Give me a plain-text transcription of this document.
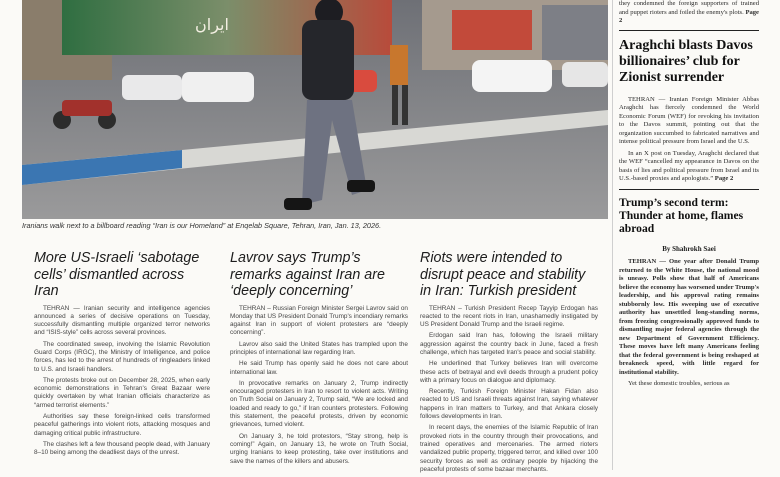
ایران
Iranians walk next to a billboard reading “Iran is our Homeland” at Enqelab Square, Tehran, Iran, Jan. 13, 2026.
More US-Israeli ‘sabotage cells’ dismantled across Iran

TEHRAN — Iranian security and intelligence agencies announced a series of decisive operations on Tuesday, successfully dismantling multiple organized terror networks and “ISIS-style” cells across several provinces.

The coordinated sweep, involving the Islamic Revolution Guard Corps (IRGC), the Ministry of Intelligence, and police forces, has led to the arrest of hundreds of ringleaders linked to U.S. and Israeli handlers.

The protests broke out on December 28, 2025, when early economic demonstrations in Tehran's Great Bazaar were quickly overtaken by what Iranian officials characterize as “armed terrorist elements.”

Authorities say these foreign-linked cells transformed peaceful gatherings into violent riots, attacking mosques and damaging critical public infrastructure.

The clashes left a few thousand people dead, with January 8–10 being among the deadliest days of the unrest.

Lavrov says Trump’s remarks against Iran are ‘deeply concerning’

TEHRAN – Russian Foreign Minister Sergei Lavrov said on Monday that US President Donald Trump's incendiary remarks against Iran in support of violent protesters are “deeply concerning”.

Lavrov also said the United States has trampled upon the principles of international law regarding Iran.

He said Trump has openly said he does not care about international law.

In provocative remarks on January 2, Trump indirectly encouraged protesters in Iran to resort to violent acts. Writing on Truth Social on January 2, Trump said, “We are locked and loaded and ready to go,” if Iran counters protesters. Following this statement, the peaceful protests, driven by economic grievances, turned violent.

On January 3, he told protestors, “Stay strong, help is coming!” Again, on January 13, he wrote on Truth Social, urging Iranians to keep protesting, take over institutions and save the names of the killers and abusers.

Riots were intended to disrupt peace and stability in Iran: Turkish president

TEHRAN – Turkish President Recep Tayyip Erdogan has reacted to the recent riots in Iran, unashamedly instigated by US President Donald Trump and the Israeli regime.

Erdogan said Iran has, following the Israeli military aggression against the country back in June, faced a fresh challenge, which has targeted Iran's peace and social stability.

He underlined that Turkey believes Iran will overcome these acts of betrayal and evil deeds through a prudent policy with a primary focus on dialogue and diplomacy.

Recently, Turkish Foreign Minister Hakan Fidan also reacted to US and Israeli threats against Iran, saying whatever happens in Iran matters to Turkey, and that Ankara closely follows developments in Iran.

In recent days, the enemies of the Islamic Republic of Iran provoked riots in the country through their provocations, and trained operatives and mercenaries. The armed rioters vandalized public property, triggered terror, and killed over 100 security forces as well as ordinary people by hijacking the peaceful protests of some bazaar merchants.

they condemned the foreign supporters of trained and puppet rioters and foiled the enemy's plots. Page 2
Araghchi blasts Davos billionaires’ club for Zionist surrender

TEHRAN — Iranian Foreign Minister Abbas Araghchi has fiercely condemned the World Economic Forum (WEF) for revoking his invitation to the Davos summit, pointing out that the organization succumbed to fabricated narratives and intense political pressure from Israel and the U.S.

In an X post on Tuesday, Araghchi declared that the WEF “cancelled my appearance in Davos on the basis of lies and political pressure from Israel and its U.S.-based proxies and apologists.” Page 2

Trump’s second term: Thunder at home, flames abroad
By Shahrokh Saei

TEHRAN — One year after Donald Trump returned to the White House, the national mood is uneasy. Polls show that half of Americans believe the economy has worsened under Trump's leadership, and his approval rating remains stubbornly low. His sweeping use of executive authority has unsettled long-standing norms, from freezing congressionally approved funds to dismantling major federal agencies through the new Department of Government Efficiency. These moves have left many Americans feeling that the federal government is being reshaped at breakneck speed, with little regard for institutional stability.

Yet these domestic troubles, serious as
